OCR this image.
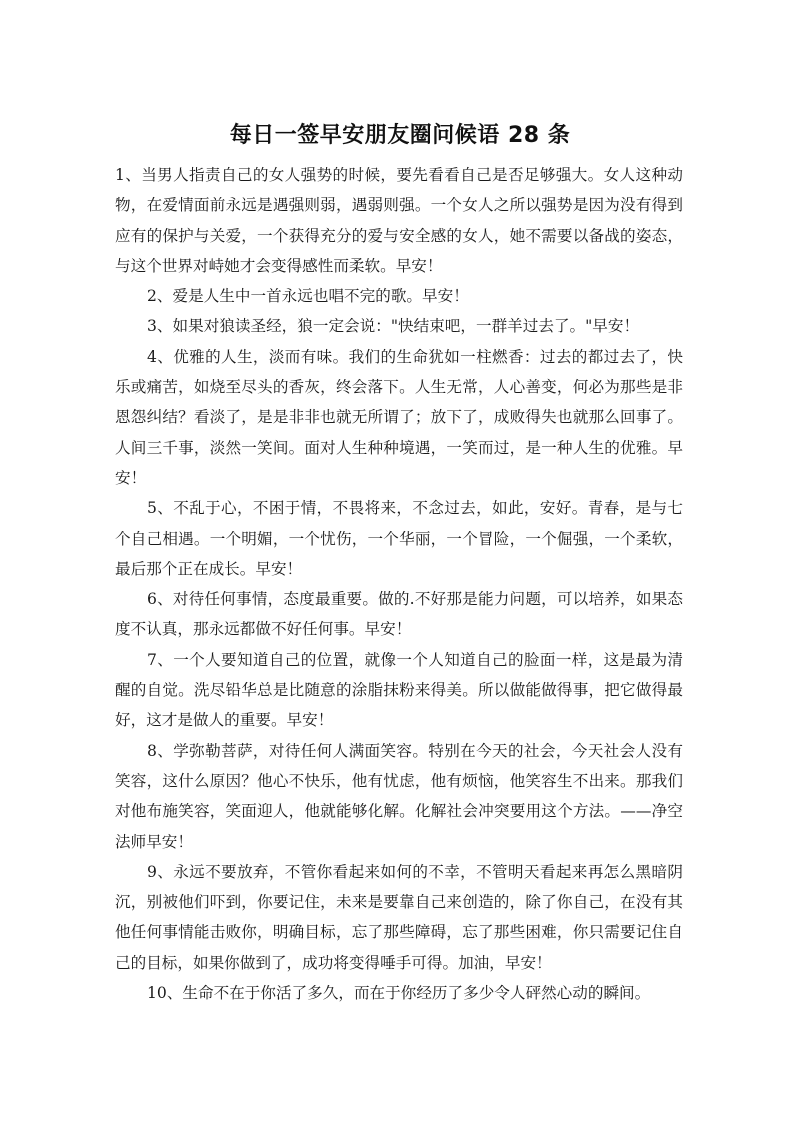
每日一签早安朋友圈问候语 28 条

1、当男人指责自己的女人强势的时候，要先看看自己是否足够强大。女人这种动物，在爱情面前永远是遇强则弱，遇弱则强。一个女人之所以强势是因为没有得到应有的保护与关爱，一个获得充分的爱与安全感的女人，她不需要以备战的姿态，与这个世界对峙她才会变得感性而柔软。早安！

2、爱是人生中一首永远也唱不完的歌。早安！

3、如果对狼读圣经，狼一定会说："快结束吧，一群羊过去了。"早安！

4、优雅的人生，淡而有味。我们的生命犹如一柱燃香：过去的都过去了，快乐或痛苦，如烧至尽头的香灰，终会落下。人生无常，人心善变，何必为那些是非恩怨纠结？看淡了，是是非非也就无所谓了；放下了，成败得失也就那么回事了。人间三千事，淡然一笑间。面对人生种种境遇，一笑而过，是一种人生的优雅。早安！

5、不乱于心，不困于情，不畏将来，不念过去，如此，安好。青春，是与七个自己相遇。一个明媚，一个忧伤，一个华丽，一个冒险，一个倔强，一个柔软，最后那个正在成长。早安！

6、对待任何事情，态度最重要。做的.不好那是能力问题，可以培养，如果态度不认真，那永远都做不好任何事。早安！

7、一个人要知道自己的位置，就像一个人知道自己的脸面一样，这是最为清醒的自觉。洗尽铅华总是比随意的涂脂抹粉来得美。所以做能做得事，把它做得最好，这才是做人的重要。早安！

8、学弥勒菩萨，对待任何人满面笑容。特别在今天的社会，今天社会人没有笑容，这什么原因？他心不快乐，他有忧虑，他有烦恼，他笑容生不出来。那我们对他布施笑容，笑面迎人，他就能够化解。化解社会冲突要用这个方法。——净空法师早安！

9、永远不要放弃，不管你看起来如何的不幸，不管明天看起来再怎么黑暗阴沉，别被他们吓到，你要记住，未来是要靠自己来创造的，除了你自己，在没有其他任何事情能击败你，明确目标，忘了那些障碍，忘了那些困难，你只需要记住自己的目标，如果你做到了，成功将变得唾手可得。加油，早安！

10、生命不在于你活了多久，而在于你经历了多少令人砰然心动的瞬间。
